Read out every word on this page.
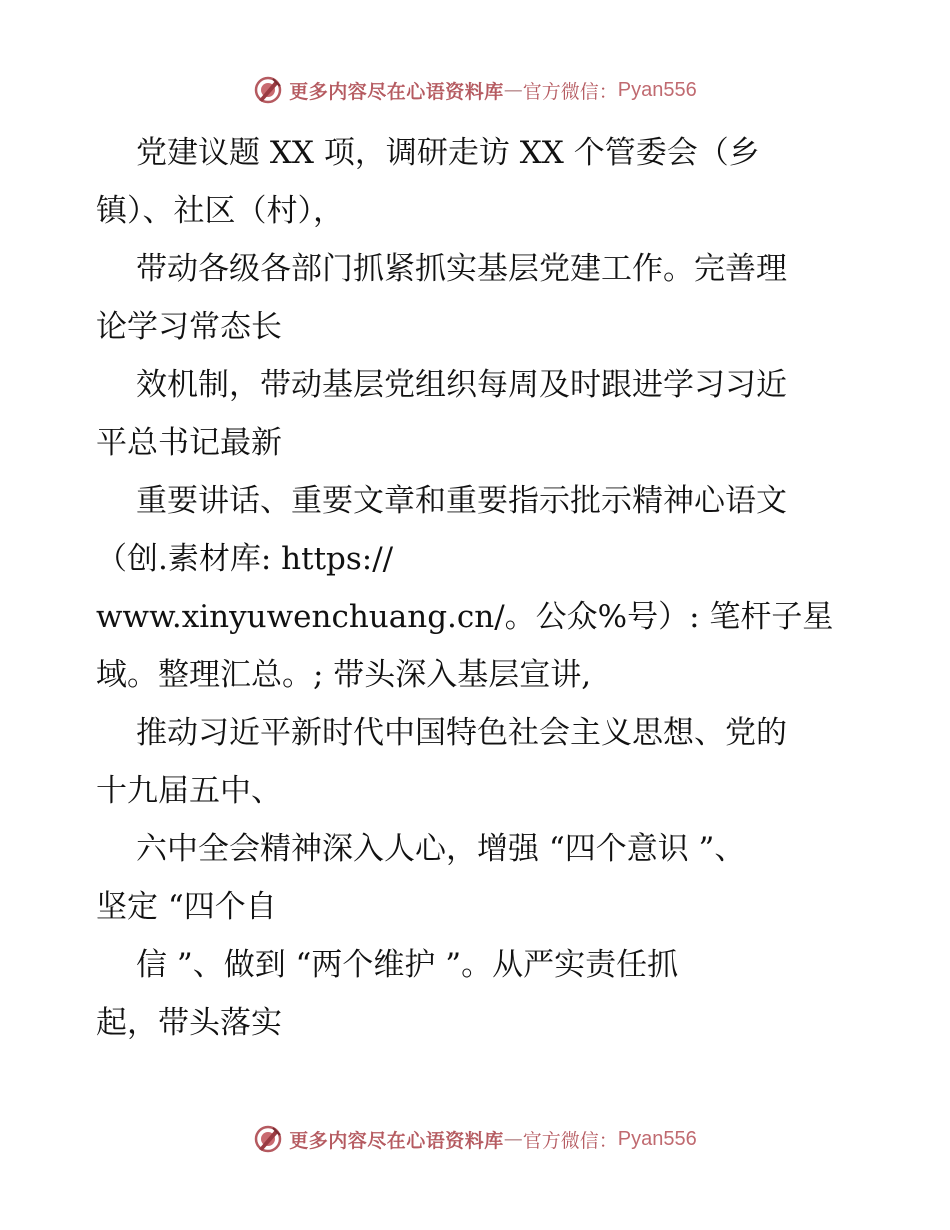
更多内容尽在心语资料库 — 官方微信： Pyan556
党建议题 XX 项，调研走访 XX 个管委会（乡
镇）、社区（村），
带动各级各部门抓紧抓实基层党建工作。完善理
论学习常态长
效机制，带动基层党组织每周及时跟进学习习近
平总书记最新
重要讲话、重要文章和重要指示批示精神心语文
（创.素材库: https://
www.xinyuwenchuang.cn/。公众%号）: 笔杆子星
域。整理汇总。; 带头深入基层宣讲,
推动习近平新时代中国特色社会主义思想、党的
十九届五中、
六中全会精神深入人心，增强 “四个意识 ”、
坚定 “四个自
信 ”、做到 “两个维护 ”。从严实责任抓
起，带头落实
更多内容尽在心语资料库 — 官方微信： Pyan556
